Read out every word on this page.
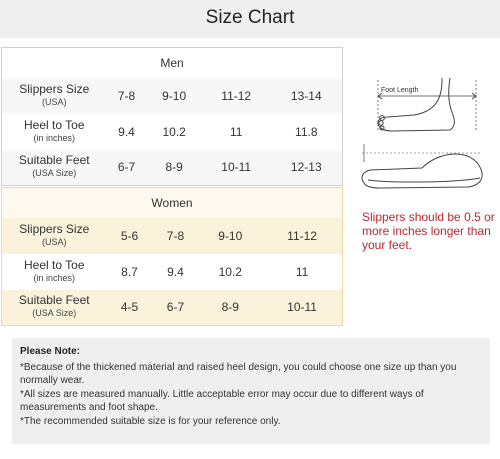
Size Chart
Men				

Slippers Size
(USA)	7-8	9-10	11-12	13-14

Heel to Toe
(in inches)	9.4	10.2	11	11.8

Suitable Feet
(USA Size)	6-7	8-9	10-11	12-13
Women				

Slippers Size
(USA)	5-6	7-8	9-10	11-12

Heel to Toe
(in inches)	8.7	9.4	10.2	11

Suitable Feet
(USA Size)	4-5	6-7	8-9	10-11
Foot Length
Slippers should be 0.5 or more inches longer than your feet.
Please Note:
*Because of the thickened material and raised heel design, you could choose one size up than you normally wear.
*All sizes are measured manually. Little acceptable error may occur due to different ways of measurements and foot shape.
*The recommended suitable size is for your reference only.
